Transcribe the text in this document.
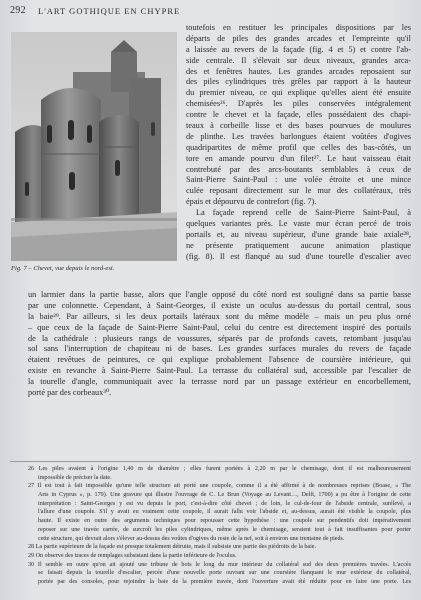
292 L'ART GOTHIQUE EN CHYPRE
Fig. 7 – Chevet, vue depuis le nord-est.
toutefois en restituer les principales dispositions par les
départs de piles des grandes arcades et l'empreinte qu'il
a laissée au revers de la façade (fig. 4 et 5) et contre l'ab-
side centrale. Il s'élevait sur deux niveaux, grandes arca-
des et fenêtres hautes. Les grandes arcades reposaient sur
des piles cylindriques très grêles par rapport à la hauteur
du premier niveau, ce qui explique qu'elles aient été ensuite
chemisées²⁶. D'après les piles conservées intégralement
contre le chevet et la façade, elles possédaient des chapi-
teaux à corbeille lisse et des bases pourvues de moulures
de plinthe. Les travées barlongues étaient voûtées d'ogives
quadripartites de même profil que celles des bas-côtés, un
tore en amande pourvu d'un filet²⁷. Le haut vaisseau était
contrebuté par des arcs-boutants semblables à ceux de
Saint-Pierre Saint-Paul : une volée étroite et une mince
culée reposant directement sur le mur des collatéraux, très
épais et dépourvu de contrefort (fig. 7).
La façade reprend celle de Saint-Pierre Saint-Paul, à
quelques variantes près. Le vaste mur écran percé de trois
portails et, au niveau supérieur, d'une grande baie axiale²⁸,
ne présente pratiquement aucune animation plastique
(fig. 8). Il est flanqué au sud d'une tourelle d'escalier avec
un larmier dans la partie basse, alors que l'angle opposé du côté nord est souligné dans sa partie basse
par une colonnette. Cependant, à Saint-Georges, il existe un oculus au-dessus du portail central, sous
la baie²⁹. Par ailleurs, si les deux portails latéraux sont du même modèle – mais un peu plus orné
– que ceux de la façade de Saint-Pierre Saint-Paul, celui du centre est directement inspiré des portails
de la cathédrale : plusieurs rangs de voussures, séparés par de profonds cavets, retombant jusqu'au
sol sans l'interruption de chapiteau ni de bases. Les grandes surfaces murales du revers de façade
étaient revêtues de peintures, ce qui explique probablement l'absence de coursière intérieure, qui
existe en revanche à Saint-Pierre Saint-Paul. La terrasse du collatéral sud, accessible par l'escalier de
la tourelle d'angle, communiquait avec la terrasse nord par un passage extérieur en encorbellement,
porté par des corbeaux³⁰.
26 Les piles avaient à l'origine 1,40 m de diamètre ; elles furent portées à 2,20 m par le chemisage, dont il est malheureusement
impossible de préciser la date.
27 Il est tout à fait impossible qu'une telle structure ait porté une coupole, comme il a été affirmé à de nombreuses reprises (Boase, « The
Arts in Cyprus », p. 179). Une gravure qui illustre l'ouvrage de C. Le Brun (Voyage au Levant…, Delft, 1700) a pu être à l'origine de cette
interprétation : Saint-Georges y est vu depuis le port, c'est-à-dire côté chevet ; de loin, le cul-de-four de l'abside centrale, surélevé, a
l'allure d'une coupole. S'il y avait eu vraiment cette coupole, il aurait fallu voir l'abside et, au-dessus, aurait été visible la coupole, plus
haute. Il existe en outre des arguments techniques pour repousser cette hypothèse : une coupole sur pendentifs doit impérativement
reposer sur une travée carrée, de surcroît les piles cylindriques, même après le chemisage, seraient tout à fait insuffisantes pour porter
cette structure, qui devrait alors s'élever au-dessus des voûtes d'ogives du reste de la nef, soit à environ une trentaine de pieds.
28 La partie supérieure de la façade est presque totalement détruite, mais il subsiste une partie des piédroits de la baie.
29 On observe des traces de remplages subsistant dans la partie inférieure de l'oculus.
30 Il semble en outre qu'on ait ajouté une tribune de bois le long du mur intérieur du collatéral sud des deux premières travées. L'accès
se faisait depuis la tourelle d'escalier, percée d'une nouvelle porte ouvrant sur une coursière flanquant le mur extérieur du collatéral,
portée par des consoles, pour rejoindre la baie de la première travée, dont l'ouverture avait été réduite pour en faire une porte. Les
